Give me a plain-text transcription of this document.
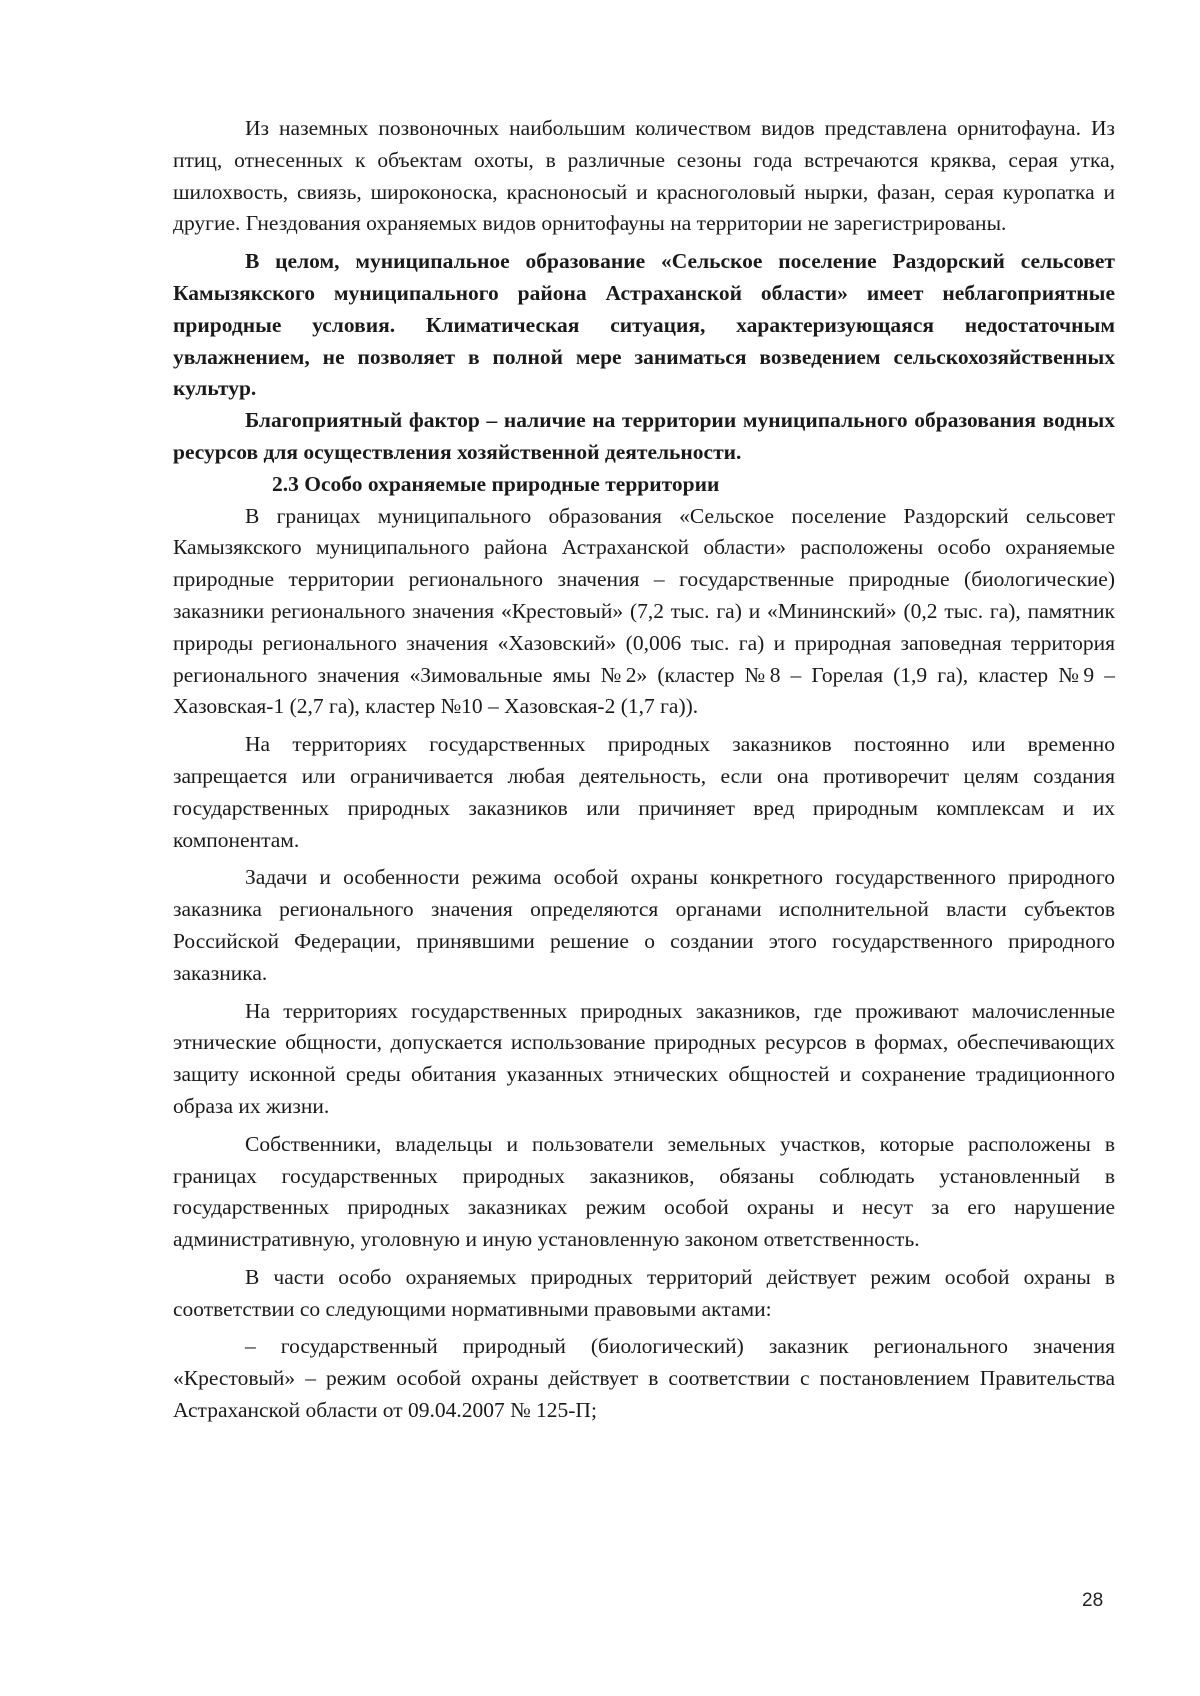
Из наземных позвоночных наибольшим количеством видов представлена орнитофауна. Из птиц, отнесенных к объектам охоты, в различные сезоны года встречаются кряква, серая утка, шилохвость, свиязь, широконоска, красноносый и красноголовый нырки, фазан, серая куропатка и другие. Гнездования охраняемых видов орнитофауны на территории не зарегистрированы.

В целом, муниципальное образование «Сельское поселение Раздорский сельсовет Камызякского муниципального района Астраханской области» имеет неблагоприятные природные условия. Климатическая ситуация, характеризующаяся недостаточным увлажнением, не позволяет в полной мере заниматься возведением сельскохозяйственных культур.

Благоприятный фактор – наличие на территории муниципального образования водных ресурсов для осуществления хозяйственной деятельности.

2.3 Особо охраняемые природные территории

В границах муниципального образования «Сельское поселение Раздорский сельсовет Камызякского муниципального района Астраханской области» расположены особо охраняемые природные территории регионального значения – государственные природные (биологические) заказники регионального значения «Крестовый» (7,2 тыс. га) и «Мининский» (0,2 тыс. га), памятник природы регионального значения «Хазовский» (0,006 тыс. га) и природная заповедная территория регионального значения «Зимовальные ямы №2» (кластер №8 – Горелая (1,9 га), кластер №9 – Хазовская-1 (2,7 га), кластер №10 – Хазовская-2 (1,7 га)).

На территориях государственных природных заказников постоянно или временно запрещается или ограничивается любая деятельность, если она противоречит целям создания государственных природных заказников или причиняет вред природным комплексам и их компонентам.

Задачи и особенности режима особой охраны конкретного государственного природного заказника регионального значения определяются органами исполнительной власти субъектов Российской Федерации, принявшими решение о создании этого государственного природного заказника.

На территориях государственных природных заказников, где проживают малочисленные этнические общности, допускается использование природных ресурсов в формах, обеспечивающих защиту исконной среды обитания указанных этнических общностей и сохранение традиционного образа их жизни.

Собственники, владельцы и пользователи земельных участков, которые расположены в границах государственных природных заказников, обязаны соблюдать установленный в государственных природных заказниках режим особой охраны и несут за его нарушение административную, уголовную и иную установленную законом ответственность.

В части особо охраняемых природных территорий действует режим особой охраны в соответствии со следующими нормативными правовыми актами:

– государственный природный (биологический) заказник регионального значения «Крестовый» – режим особой охраны действует в соответствии с постановлением Правительства Астраханской области от 09.04.2007 № 125-П;

28
